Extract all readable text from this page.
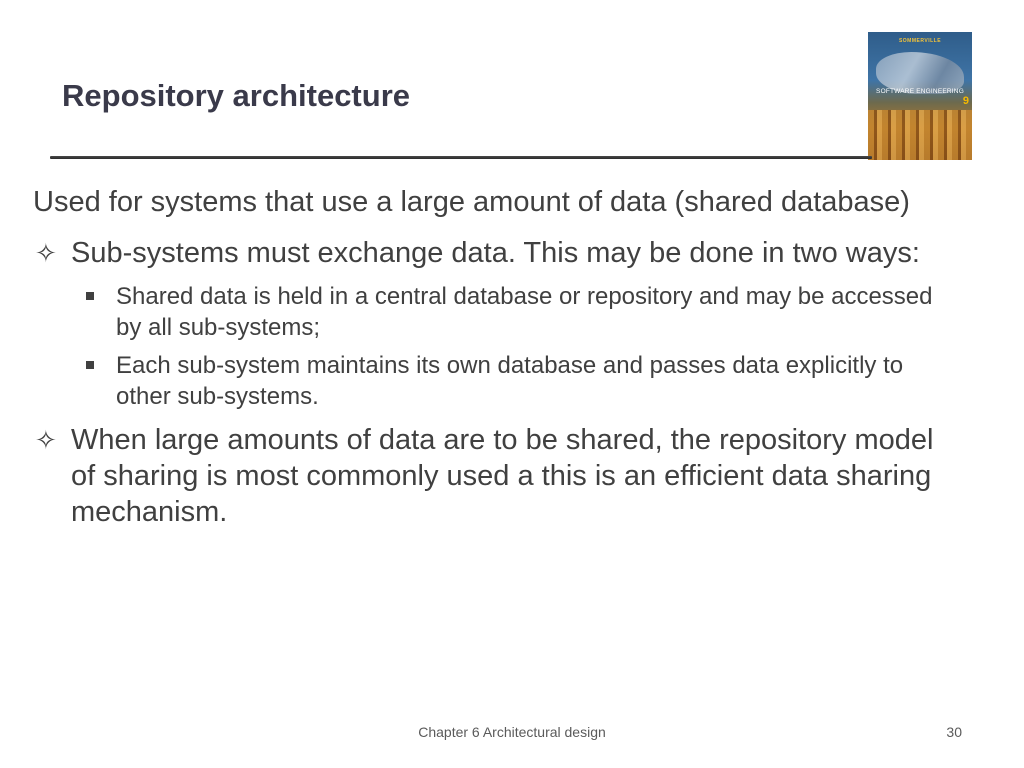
Repository architecture
SOMMERVILLE
SOFTWARE ENGINEERING
9

Used for systems that use a large amount of data (shared database)

✧ Sub-systems must exchange data. This may be done in two ways:
Shared data is held in a central database or repository and may be accessed by all sub-systems;
Each sub-system maintains its own database and passes data explicitly to other sub-systems.
✧ When large amounts of data are to be shared, the repository model of sharing is most commonly used a this is an efficient data sharing mechanism.
Chapter 6 Architectural design	30
